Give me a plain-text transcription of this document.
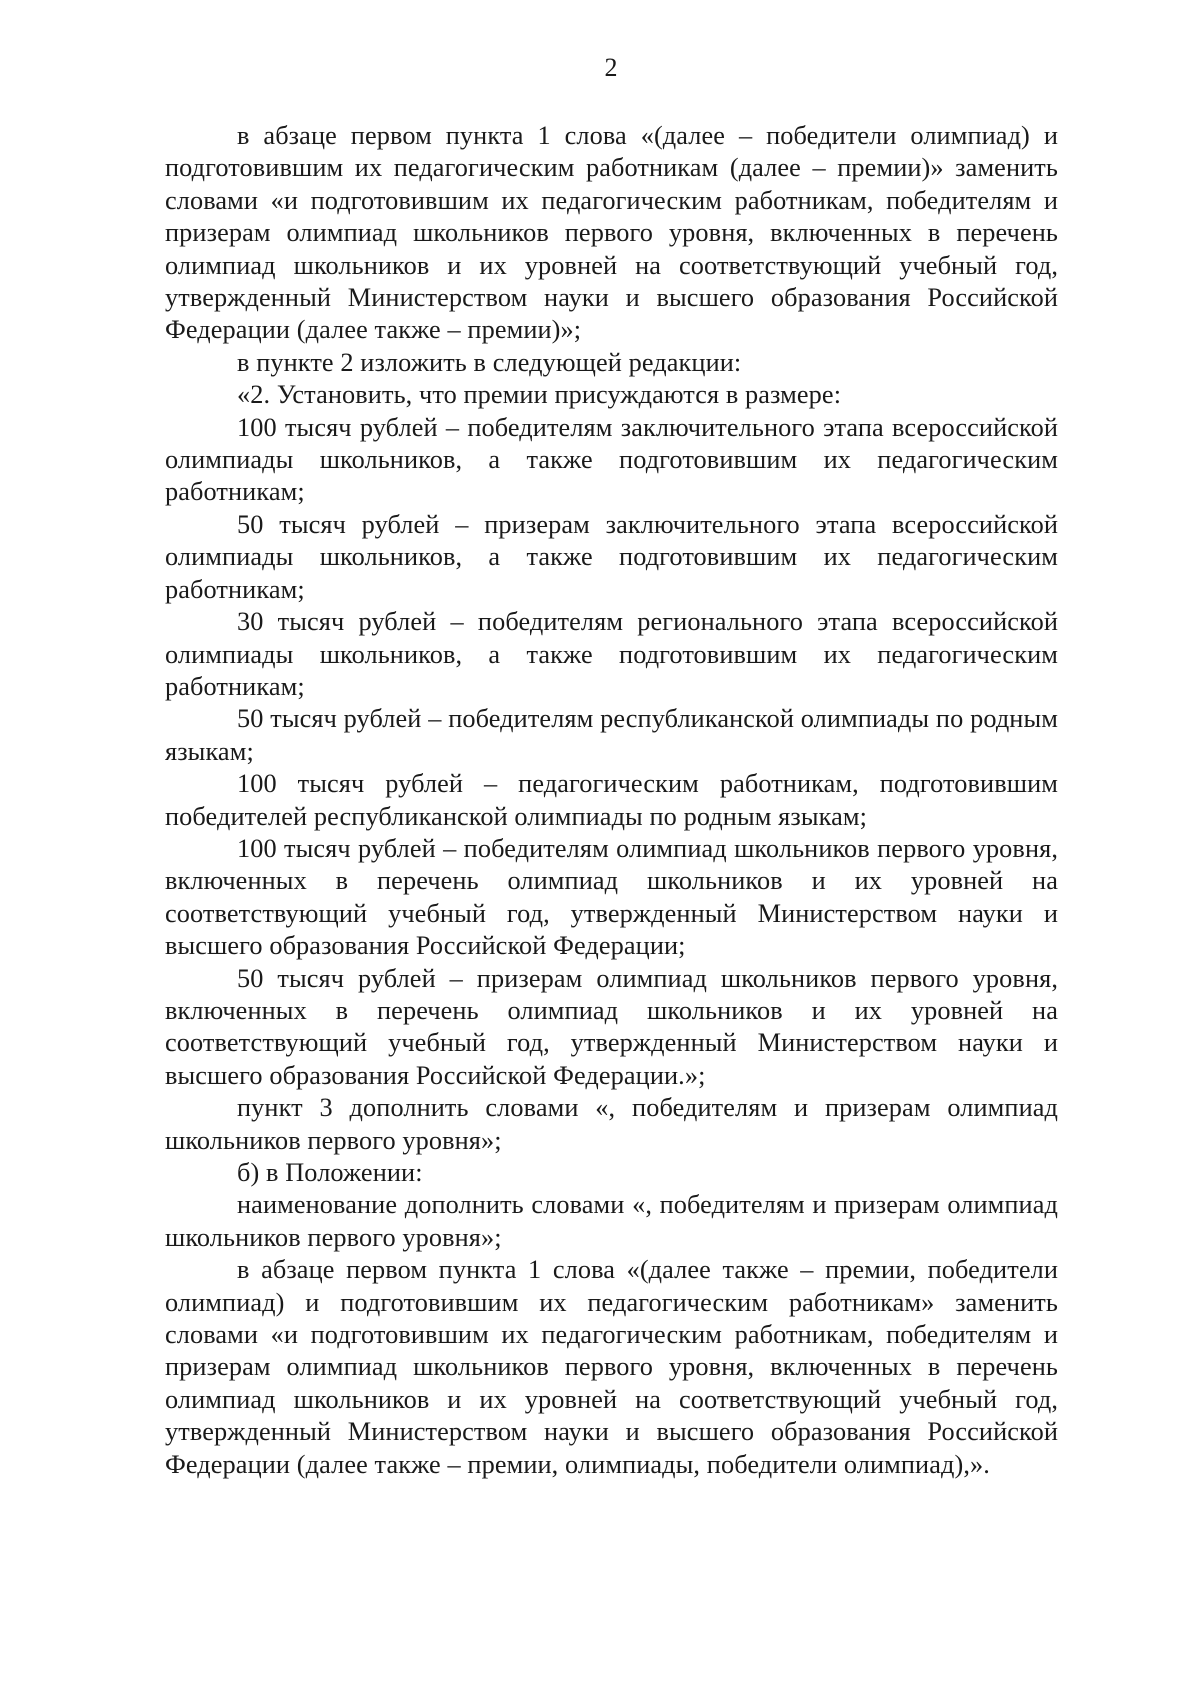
2

в абзаце первом пункта 1 слова «(далее – победители олимпиад) и подготовившим их педагогическим работникам (далее – премии)» заменить словами «и подготовившим их педагогическим работникам, победителям и призерам олимпиад школьников первого уровня, включенных в перечень олимпиад школьников и их уровней на соответствующий учебный год, утвержденный Министерством науки и высшего образования Российской Федерации (далее также – премии)»;

в пункте 2 изложить в следующей редакции:

«2. Установить, что премии присуждаются в размере:

100 тысяч рублей – победителям заключительного этапа всероссийской олимпиады школьников, а также подготовившим их педагогическим работникам;

50 тысяч рублей – призерам заключительного этапа всероссийской олимпиады школьников, а также подготовившим их педагогическим работникам;

30 тысяч рублей – победителям регионального этапа всероссийской олимпиады школьников, а также подготовившим их педагогическим работникам;

50 тысяч рублей – победителям республиканской олимпиады по родным языкам;

100 тысяч рублей – педагогическим работникам, подготовившим победителей республиканской олимпиады по родным языкам;

100 тысяч рублей – победителям олимпиад школьников первого уровня, включенных в перечень олимпиад школьников и их уровней на соответствующий учебный год, утвержденный Министерством науки и высшего образования Российской Федерации;

50 тысяч рублей – призерам олимпиад школьников первого уровня, включенных в перечень олимпиад школьников и их уровней на соответствующий учебный год, утвержденный Министерством науки и высшего образования Российской Федерации.»;

пункт 3 дополнить словами «, победителям и призерам олимпиад школьников первого уровня»;

б) в Положении:

наименование дополнить словами «, победителям и призерам олимпиад школьников первого уровня»;

в абзаце первом пункта 1 слова «(далее также – премии, победители олимпиад) и подготовившим их педагогическим работникам» заменить словами «и подготовившим их педагогическим работникам, победителям и призерам олимпиад школьников первого уровня, включенных в перечень олимпиад школьников и их уровней на соответствующий учебный год, утвержденный Министерством науки и высшего образования Российской Федерации (далее также – премии, олимпиады, победители олимпиад),».
